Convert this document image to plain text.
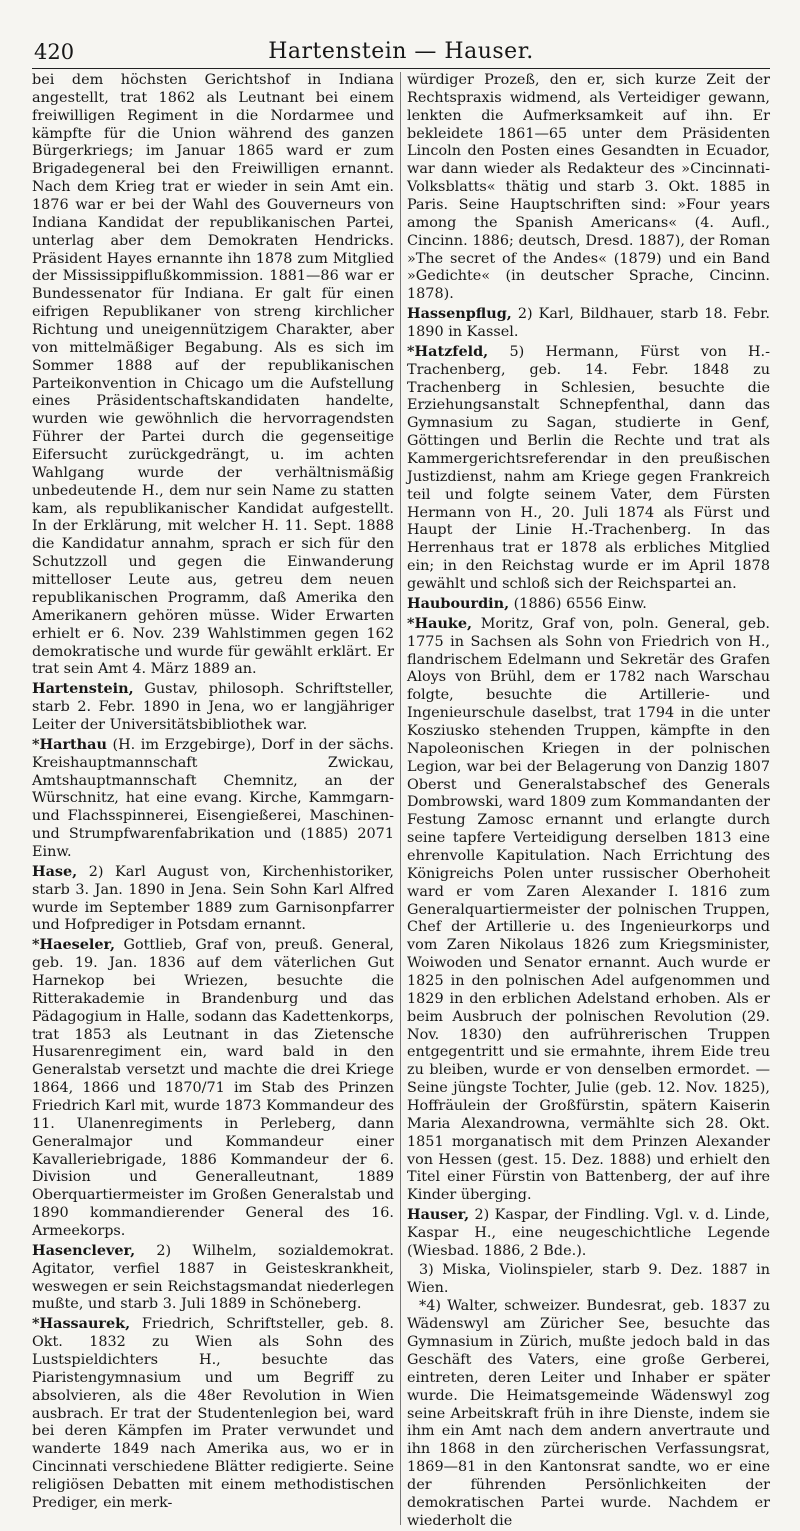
420	Hartenstein — Hauser.

bei dem höchsten Gerichtshof in Indiana angestellt, trat 1862 als Leutnant bei einem freiwilligen Regiment in die Nordarmee und kämpfte für die Union während des ganzen Bürgerkriegs; im Januar 1865 ward er zum Brigadegeneral bei den Freiwilligen ernannt. Nach dem Krieg trat er wieder in sein Amt ein. 1876 war er bei der Wahl des Gouverneurs von Indiana Kandidat der republikanischen Partei, unterlag aber dem Demokraten Hendricks. Präsident Hayes ernannte ihn 1878 zum Mitglied der Mississippiflußkommission. 1881—86 war er Bundessenator für Indiana. Er galt für einen eifrigen Republikaner von streng kirchlicher Richtung und uneigennützigem Charakter, aber von mittelmäßiger Begabung. Als es sich im Sommer 1888 auf der republikanischen Parteikonvention in Chicago um die Aufstellung eines Präsidentschaftskandidaten handelte, wurden wie gewöhnlich die hervorragendsten Führer der Partei durch die gegenseitige Eifersucht zurückgedrängt, u. im achten Wahlgang wurde der verhältnismäßig unbedeutende H., dem nur sein Name zu statten kam, als republikanischer Kandidat aufgestellt. In der Erklärung, mit welcher H. 11. Sept. 1888 die Kandidatur annahm, sprach er sich für den Schutzzoll und gegen die Einwanderung mittelloser Leute aus, getreu dem neuen republikanischen Programm, daß Amerika den Amerikanern gehören müsse. Wider Erwarten erhielt er 6. Nov. 239 Wahlstimmen gegen 162 demokratische und wurde für gewählt erklärt. Er trat sein Amt 4. März 1889 an.

Hartenstein, Gustav, philosoph. Schriftsteller, starb 2. Febr. 1890 in Jena, wo er langjähriger Leiter der Universitätsbibliothek war.

*Harthau (H. im Erzgebirge), Dorf in der sächs. Kreishauptmannschaft Zwickau, Amtshauptmannschaft Chemnitz, an der Würschnitz, hat eine evang. Kirche, Kammgarn- und Flachsspinnerei, Eisengießerei, Maschinen- und Strumpfwarenfabrikation und (1885) 2071 Einw.

Hase, 2) Karl August von, Kirchenhistoriker, starb 3. Jan. 1890 in Jena. Sein Sohn Karl Alfred wurde im September 1889 zum Garnisonpfarrer und Hofprediger in Potsdam ernannt.

*Haeseler, Gottlieb, Graf von, preuß. General, geb. 19. Jan. 1836 auf dem väterlichen Gut Harnekop bei Wriezen, besuchte die Ritterakademie in Brandenburg und das Pädagogium in Halle, sodann das Kadettenkorps, trat 1853 als Leutnant in das Zietensche Husarenregiment ein, ward bald in den Generalstab versetzt und machte die drei Kriege 1864, 1866 und 1870/71 im Stab des Prinzen Friedrich Karl mit, wurde 1873 Kommandeur des 11. Ulanenregiments in Perleberg, dann Generalmajor und Kommandeur einer Kavalleriebrigade, 1886 Kommandeur der 6. Division und Generalleutnant, 1889 Oberquartiermeister im Großen Generalstab und 1890 kommandierender General des 16. Armeekorps.

Hasenclever, 2) Wilhelm, sozialdemokrat. Agitator, verfiel 1887 in Geisteskrankheit, weswegen er sein Reichstagsmandat niederlegen mußte, und starb 3. Juli 1889 in Schöneberg.

*Hassaurek, Friedrich, Schriftsteller, geb. 8. Okt. 1832 zu Wien als Sohn des Lustspieldichters H., besuchte das Piaristengymnasium und um Begriff zu absolvieren, als die 48er Revolution in Wien ausbrach. Er trat der Studentenlegion bei, ward bei deren Kämpfen im Prater verwundet und wanderte 1849 nach Amerika aus, wo er in Cincinnati verschiedene Blätter redigierte. Seine religiösen Debatten mit einem methodistischen Prediger, ein merk-

würdiger Prozeß, den er, sich kurze Zeit der Rechtspraxis widmend, als Verteidiger gewann, lenkten die Aufmerksamkeit auf ihn. Er bekleidete 1861—65 unter dem Präsidenten Lincoln den Posten eines Gesandten in Ecuador, war dann wieder als Redakteur des »Cincinnati-Volksblatts« thätig und starb 3. Okt. 1885 in Paris. Seine Hauptschriften sind: »Four years among the Spanish Americans« (4. Aufl., Cincinn. 1886; deutsch, Dresd. 1887), der Roman »The secret of the Andes« (1879) und ein Band »Gedichte« (in deutscher Sprache, Cincinn. 1878).

Hassenpflug, 2) Karl, Bildhauer, starb 18. Febr. 1890 in Kassel.

*Hatzfeld, 5) Hermann, Fürst von H.-Trachenberg, geb. 14. Febr. 1848 zu Trachenberg in Schlesien, besuchte die Erziehungsanstalt Schnepfenthal, dann das Gymnasium zu Sagan, studierte in Genf, Göttingen und Berlin die Rechte und trat als Kammergerichtsreferendar in den preußischen Justizdienst, nahm am Kriege gegen Frankreich teil und folgte seinem Vater, dem Fürsten Hermann von H., 20. Juli 1874 als Fürst und Haupt der Linie H.-Trachenberg. In das Herrenhaus trat er 1878 als erbliches Mitglied ein; in den Reichstag wurde er im April 1878 gewählt und schloß sich der Reichspartei an.

Haubourdin, (1886) 6556 Einw.

*Hauke, Moritz, Graf von, poln. General, geb. 1775 in Sachsen als Sohn von Friedrich von H., flandrischem Edelmann und Sekretär des Grafen Aloys von Brühl, dem er 1782 nach Warschau folgte, besuchte die Artillerie- und Ingenieurschule daselbst, trat 1794 in die unter Kosziusko stehenden Truppen, kämpfte in den Napoleonischen Kriegen in der polnischen Legion, war bei der Belagerung von Danzig 1807 Oberst und Generalstabschef des Generals Dombrowski, ward 1809 zum Kommandanten der Festung Zamosc ernannt und erlangte durch seine tapfere Verteidigung derselben 1813 eine ehrenvolle Kapitulation. Nach Errichtung des Königreichs Polen unter russischer Oberhoheit ward er vom Zaren Alexander I. 1816 zum Generalquartiermeister der polnischen Truppen, Chef der Artillerie u. des Ingenieurkorps und vom Zaren Nikolaus 1826 zum Kriegsminister, Woiwoden und Senator ernannt. Auch wurde er 1825 in den polnischen Adel aufgenommen und 1829 in den erblichen Adelstand erhoben. Als er beim Ausbruch der polnischen Revolution (29. Nov. 1830) den aufrührerischen Truppen entgegentritt und sie ermahnte, ihrem Eide treu zu bleiben, wurde er von denselben ermordet. — Seine jüngste Tochter, Julie (geb. 12. Nov. 1825), Hoffräulein der Großfürstin, spätern Kaiserin Maria Alexandrowna, vermählte sich 28. Okt. 1851 morganatisch mit dem Prinzen Alexander von Hessen (gest. 15. Dez. 1888) und erhielt den Titel einer Fürstin von Battenberg, der auf ihre Kinder überging.

Hauser, 2) Kaspar, der Findling. Vgl. v. d. Linde, Kaspar H., eine neugeschichtliche Legende (Wiesbad. 1886, 2 Bde.).

3) Miska, Violinspieler, starb 9. Dez. 1887 in Wien.

*4) Walter, schweizer. Bundesrat, geb. 1837 zu Wädenswyl am Züricher See, besuchte das Gymnasium in Zürich, mußte jedoch bald in das Geschäft des Vaters, eine große Gerberei, eintreten, deren Leiter und Inhaber er später wurde. Die Heimatsgemeinde Wädenswyl zog seine Arbeitskraft früh in ihre Dienste, indem sie ihm ein Amt nach dem andern anvertraute und ihn 1868 in den zürcherischen Verfassungsrat, 1869—81 in den Kantonsrat sandte, wo er eine der führenden Persönlichkeiten der demokratischen Partei wurde. Nachdem er wiederholt die
